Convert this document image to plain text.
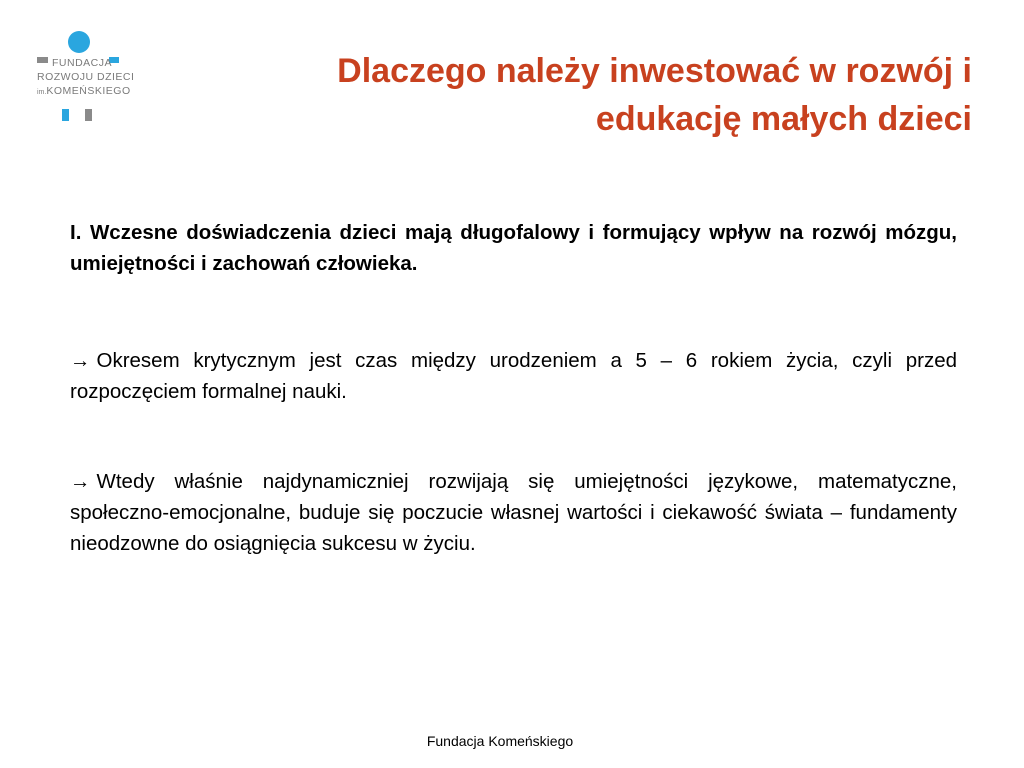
FUNDACJA
ROZWOJU DZIECI
im.KOMEŃSKIEGO
Dlaczego należy inwestować w rozwój i
edukację małych dzieci

I. Wczesne doświadczenia dzieci mają długofalowy i formujący wpływ na rozwój mózgu, umiejętności i zachowań człowieka.

→ Okresem krytycznym jest czas między urodzeniem a 5 – 6 rokiem życia, czyli przed rozpoczęciem formalnej nauki.

→ Wtedy właśnie najdynamiczniej rozwijają się umiejętności językowe, matematyczne, społeczno-emocjonalne, buduje się poczucie własnej wartości i ciekawość świata – fundamenty nieodzowne do osiągnięcia sukcesu w życiu.

Fundacja Komeńskiego
